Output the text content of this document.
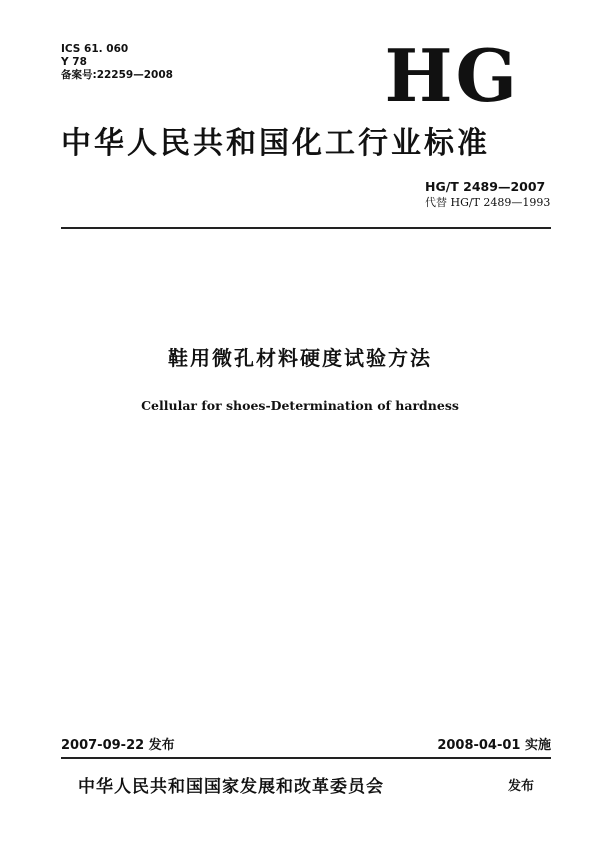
ICS 61. 060
Y 78
备案号:22259—2008	HG
中华人民共和国化工行业标准
HG/T 2489—2007
代替 HG/T 2489—1993
鞋用微孔材料硬度试验方法
Cellular for shoes-Determination of hardness
2007-09-22 发布	2008-04-01 实施
中华人民共和国国家发展和改革委员会	发布
